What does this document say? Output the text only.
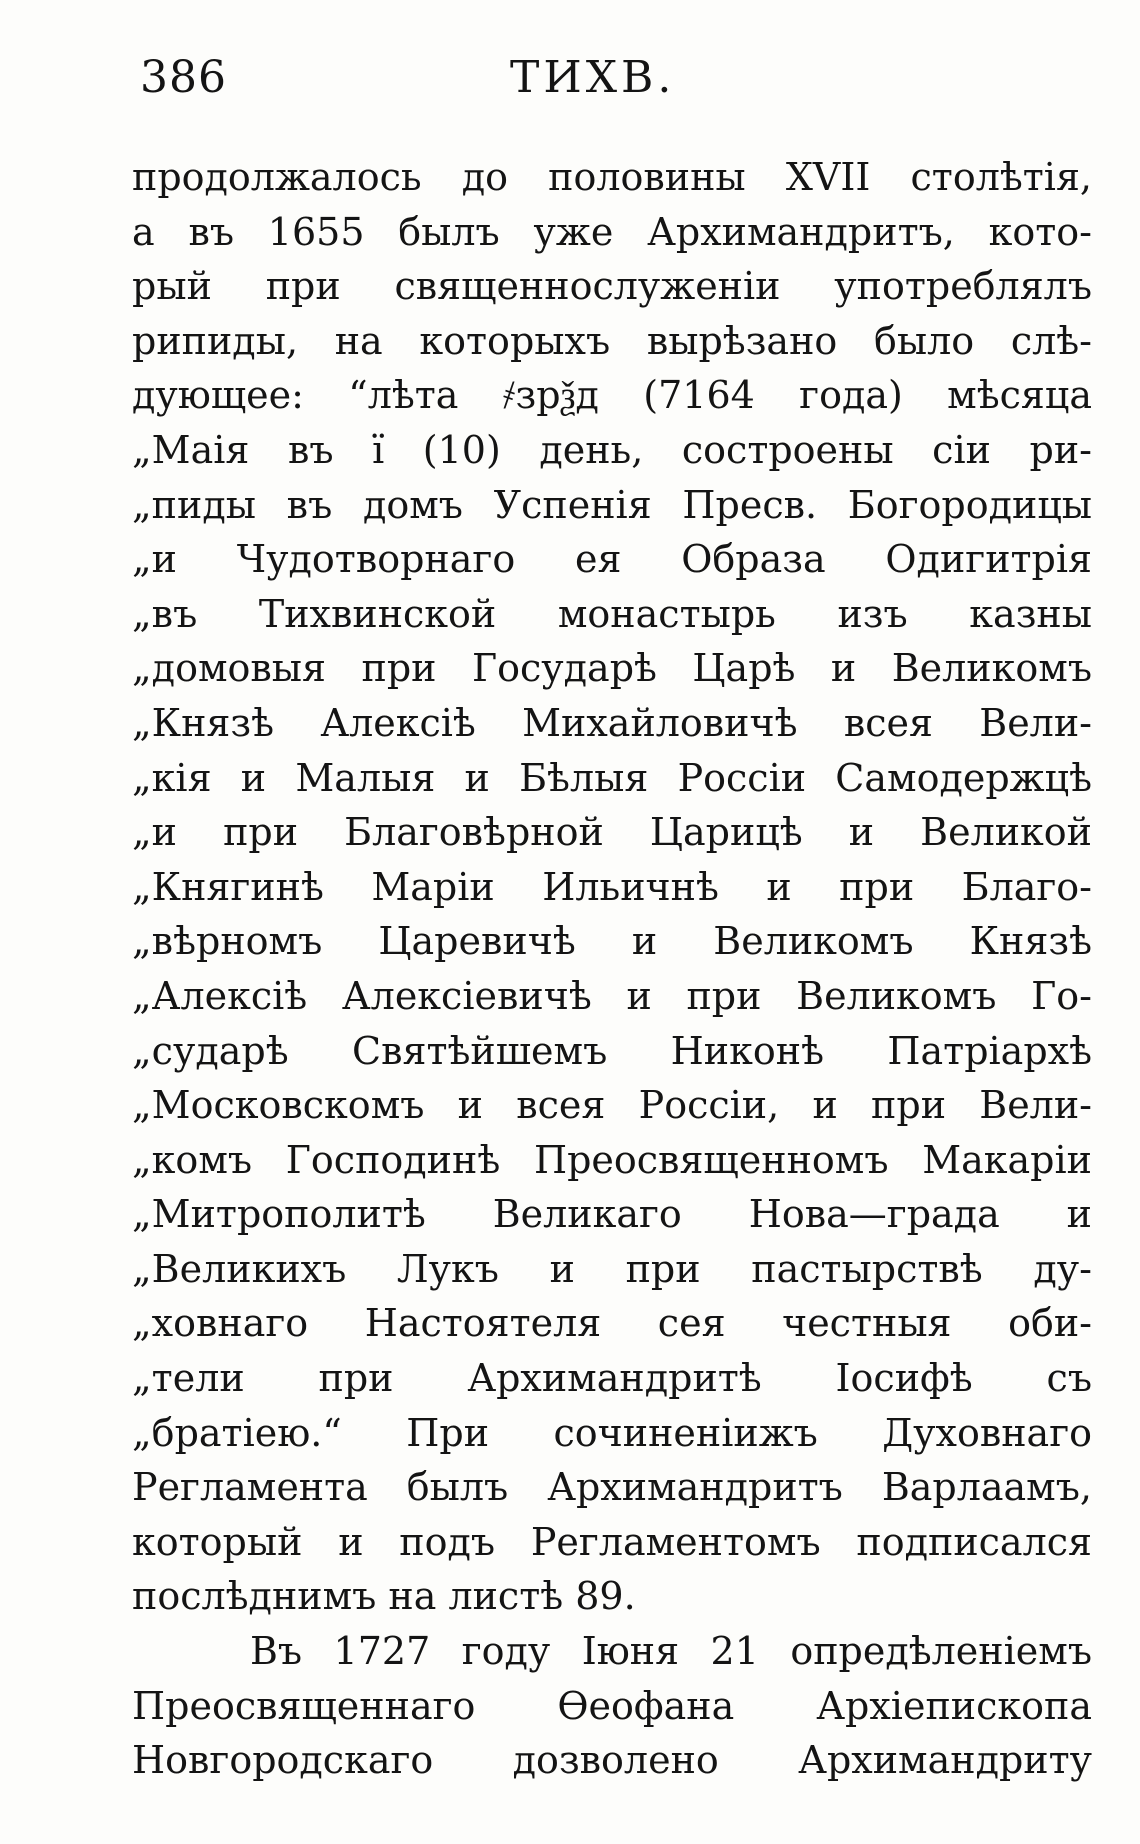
386	ТИХВ.
продолжалось до половины XVII столѣтія,
а въ 1655 былъ уже Архимандритъ, кото-
рый при священнослуженіи употреблялъ
рипиды, на которыхъ вырѣзано было слѣ-
дующее: “лѣта ҂зрѯд (7164 года) мѣсяца
„Маія въ ї (10) день, состроены сіи ри-
„пиды въ домъ Успенія Пресв. Богородицы
„и Чудотворнаго ея Образа Одигитрія
„въ Тихвинской монастырь изъ казны
„домовыя при Государѣ Царѣ и Великомъ
„Князѣ Алексіѣ Михайловичѣ всея Вели-
„кія и Малыя и Бѣлыя Россіи Самодержцѣ
„и при Благовѣрной Царицѣ и Великой
„Княгинѣ Маріи Ильичнѣ и при Благо-
„вѣрномъ Царевичѣ и Великомъ Князѣ
„Алексіѣ Алексіевичѣ и при Великомъ Го-
„сударѣ Святѣйшемъ Никонѣ Патріархѣ
„Московскомъ и всея Россіи, и при Вели-
„комъ Господинѣ Преосвященномъ Макаріи
„Митрополитѣ Великаго Нова—града и
„Великихъ Лукъ и при пастырствѣ ду-
„ховнаго Настоятеля сея честныя оби-
„тели при Архимандритѣ Іосифѣ съ
„братіею.“ При сочиненіижъ Духовнаго
Регламента былъ Архимандритъ Варлаамъ,
который и подъ Регламентомъ подписался
послѣднимъ на листѣ 89.
Въ 1727 году Іюня 21 опредѣленіемъ
Преосвященнаго Ѳеофана Архіепископа
Новгородскаго дозволено Архимандриту
